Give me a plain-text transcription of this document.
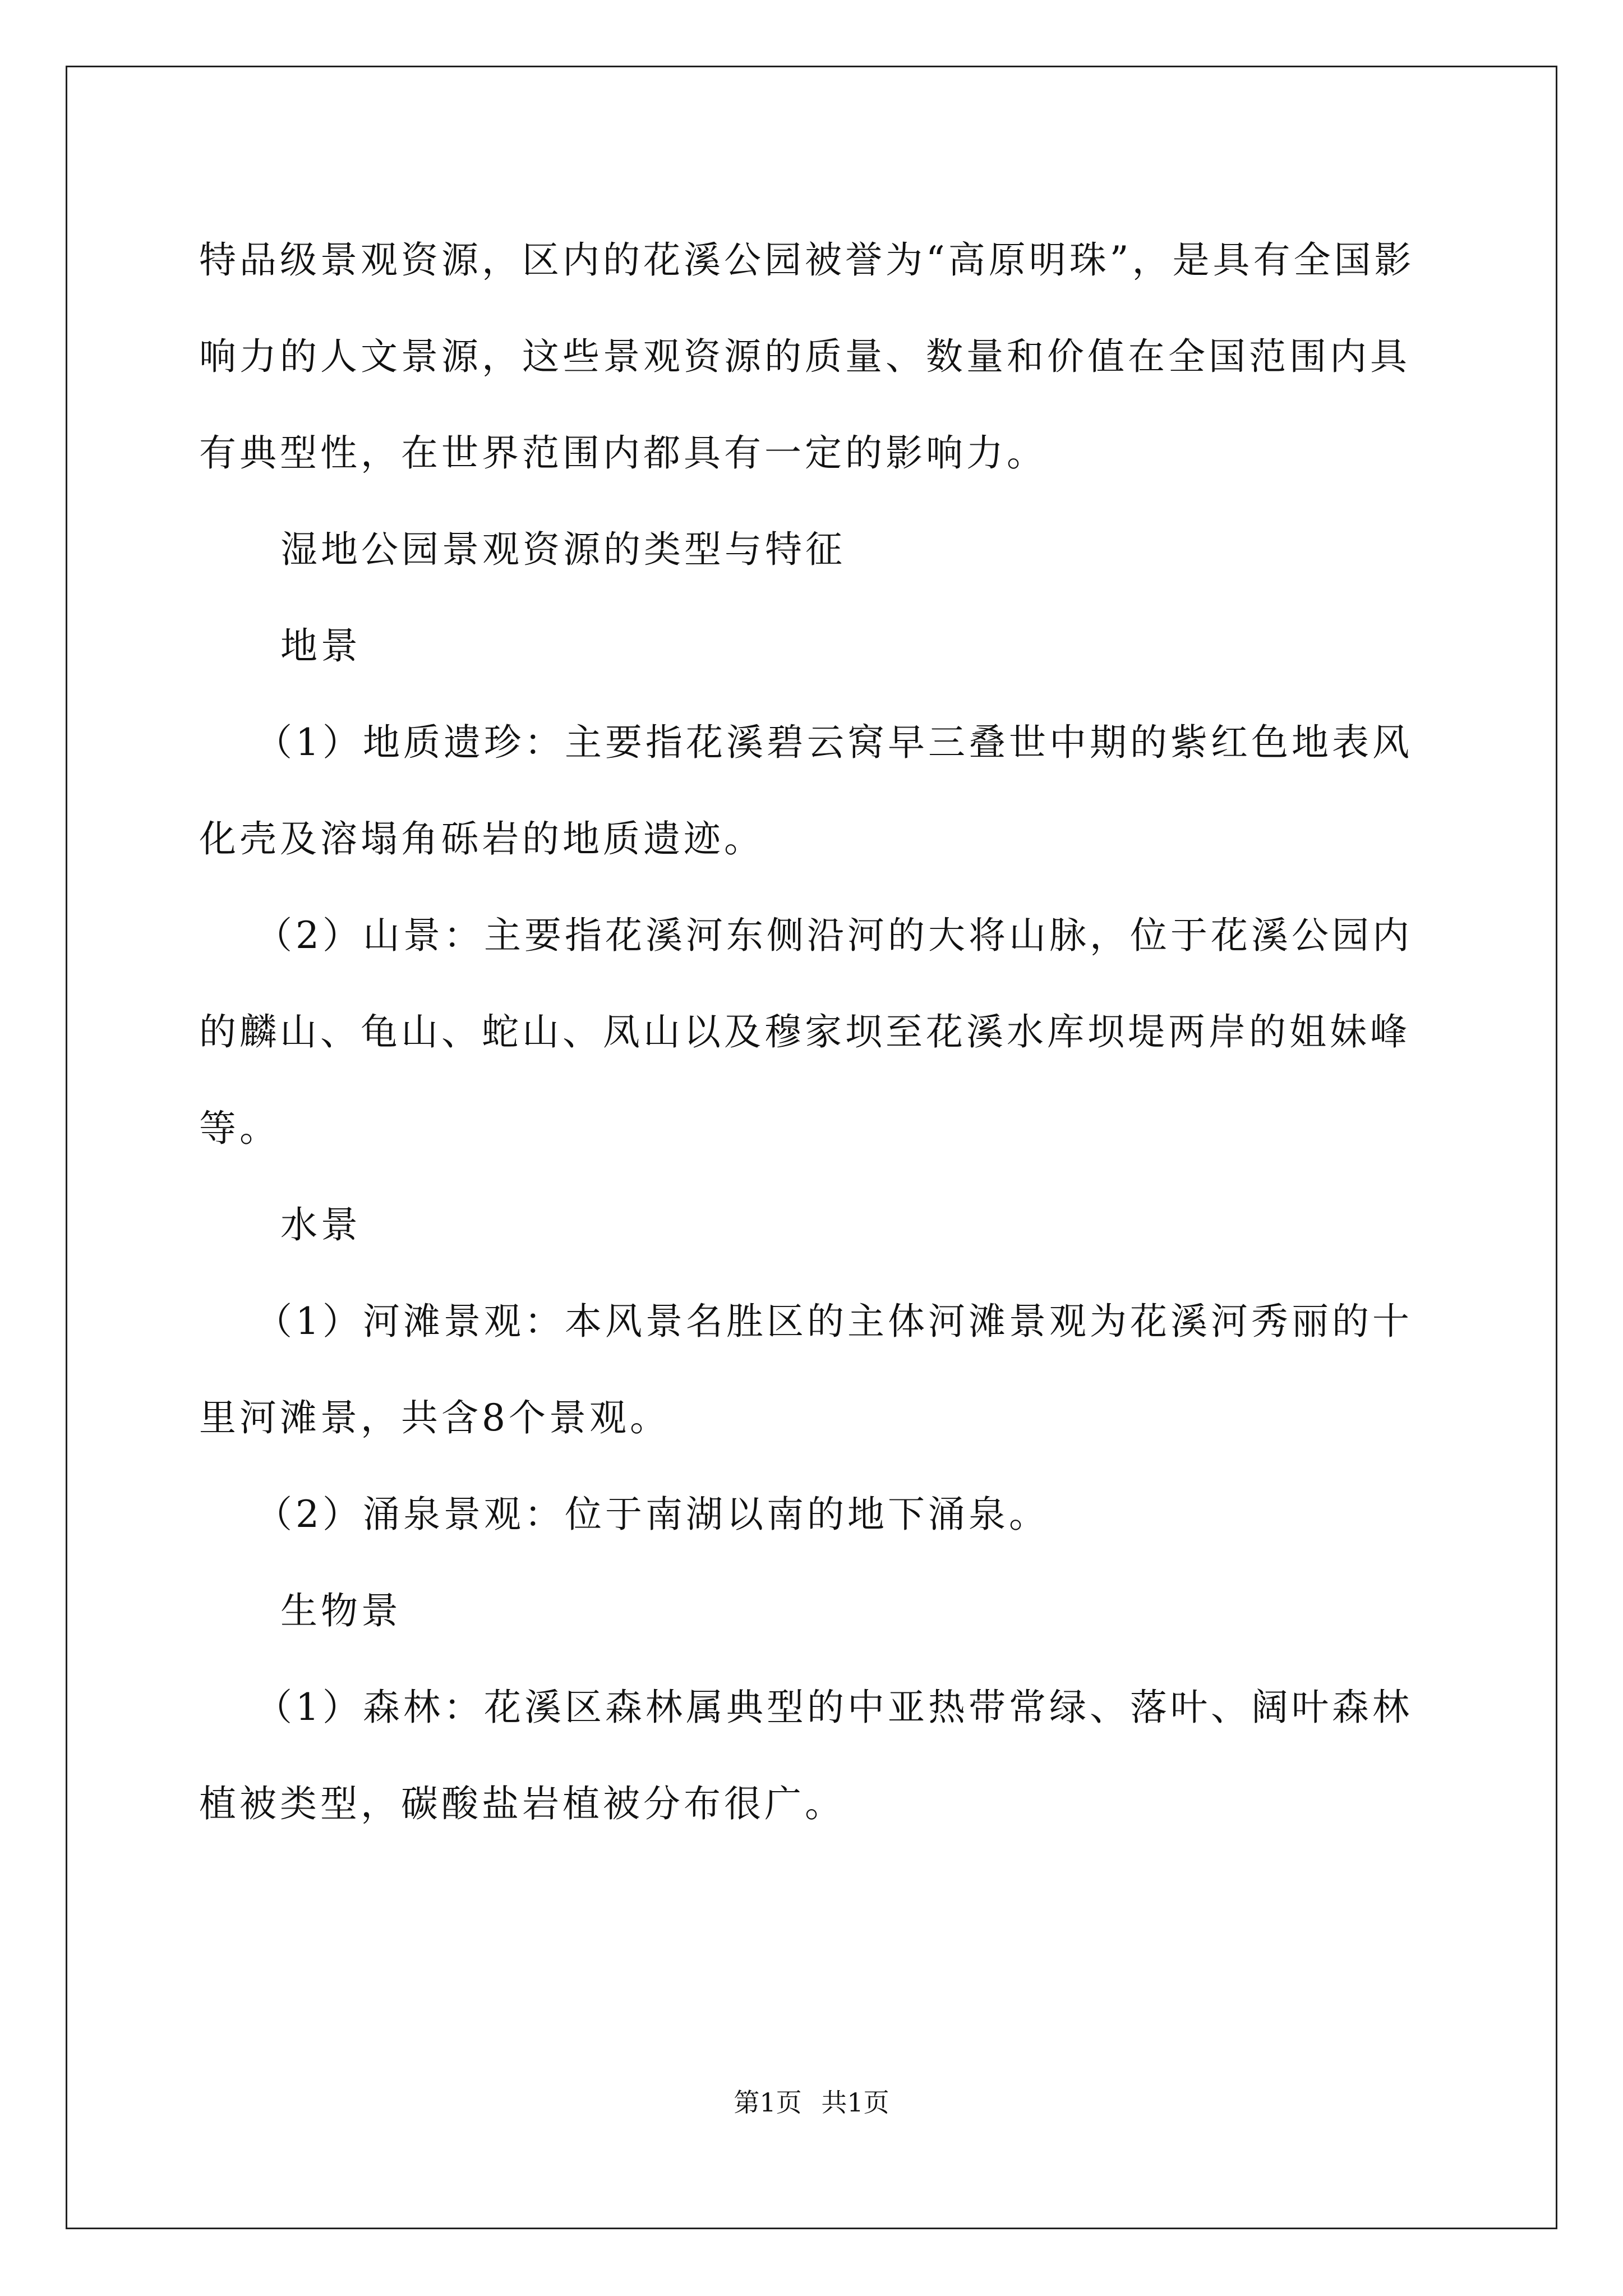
特品级景观资源，区内的花溪公园被誉为“高原明珠”，是具有全国影响力的人文景源，这些景观资源的质量、数量和价值在全国范围内具有典型性，在世界范围内都具有一定的影响力。

湿地公园景观资源的类型与特征

地景

（1）地质遗珍：主要指花溪碧云窝早三叠世中期的紫红色地表风化壳及溶塌角砾岩的地质遗迹。

（2）山景：主要指花溪河东侧沿河的大将山脉，位于花溪公园内的麟山、龟山、蛇山、凤山以及穆家坝至花溪水库坝堤两岸的姐妹峰等。

水景

（1）河滩景观：本风景名胜区的主体河滩景观为花溪河秀丽的十里河滩景，共含8个景观。

（2）涌泉景观：位于南湖以南的地下涌泉。

生物景

（1）森林：花溪区森林属典型的中亚热带常绿、落叶、阔叶森林植被类型，碳酸盐岩植被分布很广。

第1页 共1页
